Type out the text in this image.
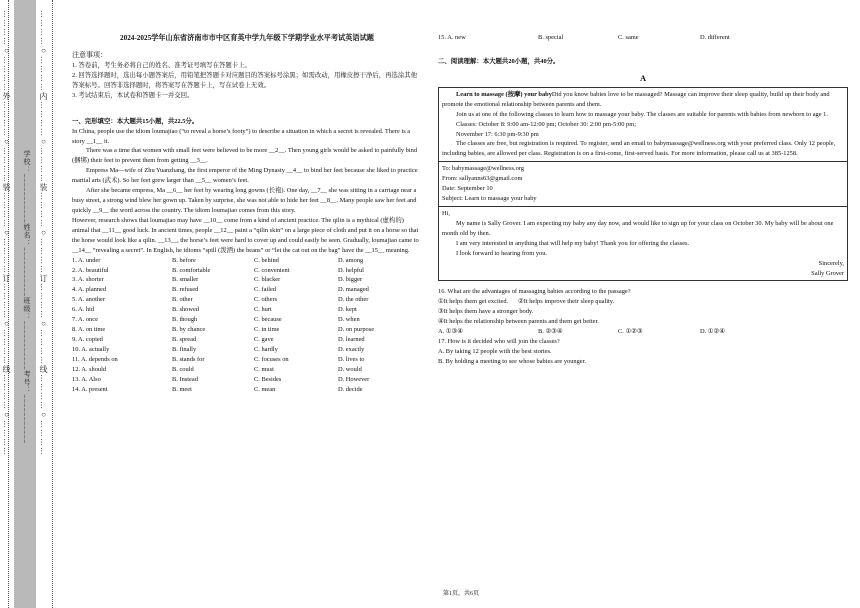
…………○…………外…………○…………装…………○…………订…………○…………线…………○…………	…………○…………内…………○…………装…………○…………订…………○…………线…………○…………
学校：___________姓名：___________班级：___________考号：___________
2024-2025学年山东省济南市市中区育英中学九年级下学期学业水平考试英语试题

注意事项：

1. 答卷前，考生务必将自己的姓名、准考证号填写在答题卡上。

2. 回答选择题时，选出每小题答案后，用铅笔把答题卡对应题目的答案标号涂黑；如需改动，用橡皮擦干净后，再选涂其他答案标号。回答非选择题时，将答案写在答题卡上，写在试卷上无效。

3. 考试结束后，本试卷和答题卡一并交回。

一、完形填空：本大题共15小题，共22.5分。

In China, people use the idiom loumajiao (“to reveal a horse’s footy”) to describe a situation in which a secret is revealed. There is a story __1__ it.

There was a time that women with small feet were believed to be more __2__. Then young girls would be asked to painfully bind (捆绑) their feet to prevent them from getting __3__.

Empress Ma—wife of Zhu Yuanzhang, the first emperor of the Ming Dynasty __4__ to bind her feet because she liked to practice martial arts (武术). So her feet grew larger than __5__ women’s feet.

After she became empress, Ma __6__ her feet by wearing long gowns (长袍). One day, __7__ she was sitting in a carriage near a busy street, a strong wind blew her gown up. Taken by surprise, she was not able to hide her feet __8__. Many people saw her feet and quickly __9__ the word across the country. The idiom loumajiao comes from this story.

However, research shows that loumajiao may have __10__ come from a kind of ancient practice. The qilin is a mythical (虚构的) animal that __11__ good luck. In ancient times, people __12__ paint a “qilin skin” on a large piece of cloth and put it on a horse so that the horse would look like a qilin. __13__, the horse’s feet were hard to cover up and could easily be seen. Gradually, loumajiao came to __14__ “revealing a secret”. In English, he idioms “spill (泼洒) the beans” or “let the cat out on the bag” have the __15__ meaning.

1. A. under	B. before	C. behind	D. among
2. A. beautiful	B. comfortable	C. convenient	D. helpful
3. A. shorter	B. smaller	C. blacker	D. bigger
4. A. planned	B. refused	C. failed	D. managed
5. A. another	B. other	C. others	D. the other
6. A. hid	B. showed	C. hurt	D. kept
7. A. once	B. though	C. because	D. when
8. A. on time	B. by chance	C. in time	D. on purpose
9. A. copied	B. spread	C. gave	D. learned
10. A. actually	B. finally	C. hardly	D. exactly
11. A. depends on	B. stands for	C. focuses on	D. lives to
12. A. should	B. could	C. must	D. would
13. A. Also	B. Instead	C. Besides	D. However
14. A. present	B. meet	C. mean	D. decide
15. A. new	B. special	C. same	D. different

二、阅读理解：本大题共20小题，共40分。

A

Learn to massage (按摩) your babyDid you know babies love to be massaged? Massage can improve their sleep quality, build up their body and promote the emotional relationship between parents and them.

Join us at one of the following classes to learn how to massage your baby. The classes are suitable for parents with babies from newborn to age 1.

Classes: October 8: 9:00 am-12:00 pm; October 30: 2:00 pm-5:00 pm;

November 17: 6:30 pm-9:30 pm

The classes are free, but registration is required. To register, send an email to babymassage@wellness.org with your preferred class. Only 12 people, including babies, are allowed per class. Registration is on a first-come, first-served basis. For more information, please call us at 385-1258.

To: babymassage@wellness.org

From: sallyanns63@gmail.com

Date: September 10

Subject: Learn to massage your baby

Hi,

My name is Sally Grover. I am expecting my baby any day now, and would like to sign up for your class on October 30. My baby will be about one month old by then.

I am very interested in anything that will help my baby! Thank you for offering the classes.

I look forward to hearing from you.

Sincerely,

Sally Grover

16. What are the advantages of massaging babies according to the passage?

①It helps them get excited.	②It helps improve their sleep quality.

③It helps them have a stronger body.

④It helps the relationship between parents and them get better.

A. ①③④	B. ②③④	C. ①②③	D. ①②④

17. How is it decided who will join the classes?

A. By taking 12 people with the best stories.

B. By holding a meeting to see whose babies are younger.

第1页，共6页
